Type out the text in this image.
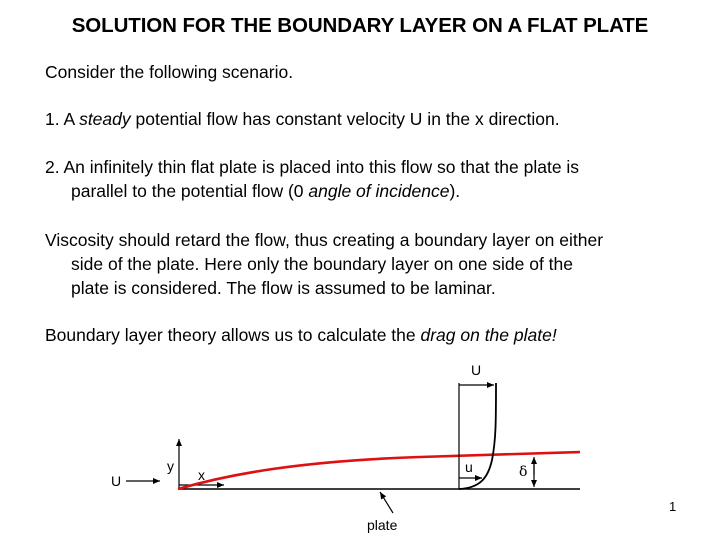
SOLUTION FOR THE BOUNDARY LAYER ON A FLAT PLATE
Consider the following scenario.
1. A steady potential flow has constant velocity U in the x direction.
2. An infinitely thin flat plate is placed into this flow so that the plate is
parallel to the potential flow (0 angle of incidence).
Viscosity should retard the flow, thus creating a boundary layer on either
side of the plate. Here only the boundary layer on one side of the
plate is considered. The flow is assumed to be laminar.
Boundary layer theory allows us to calculate the drag on the plate!
U
y
x
U
u	δ
plate
1
